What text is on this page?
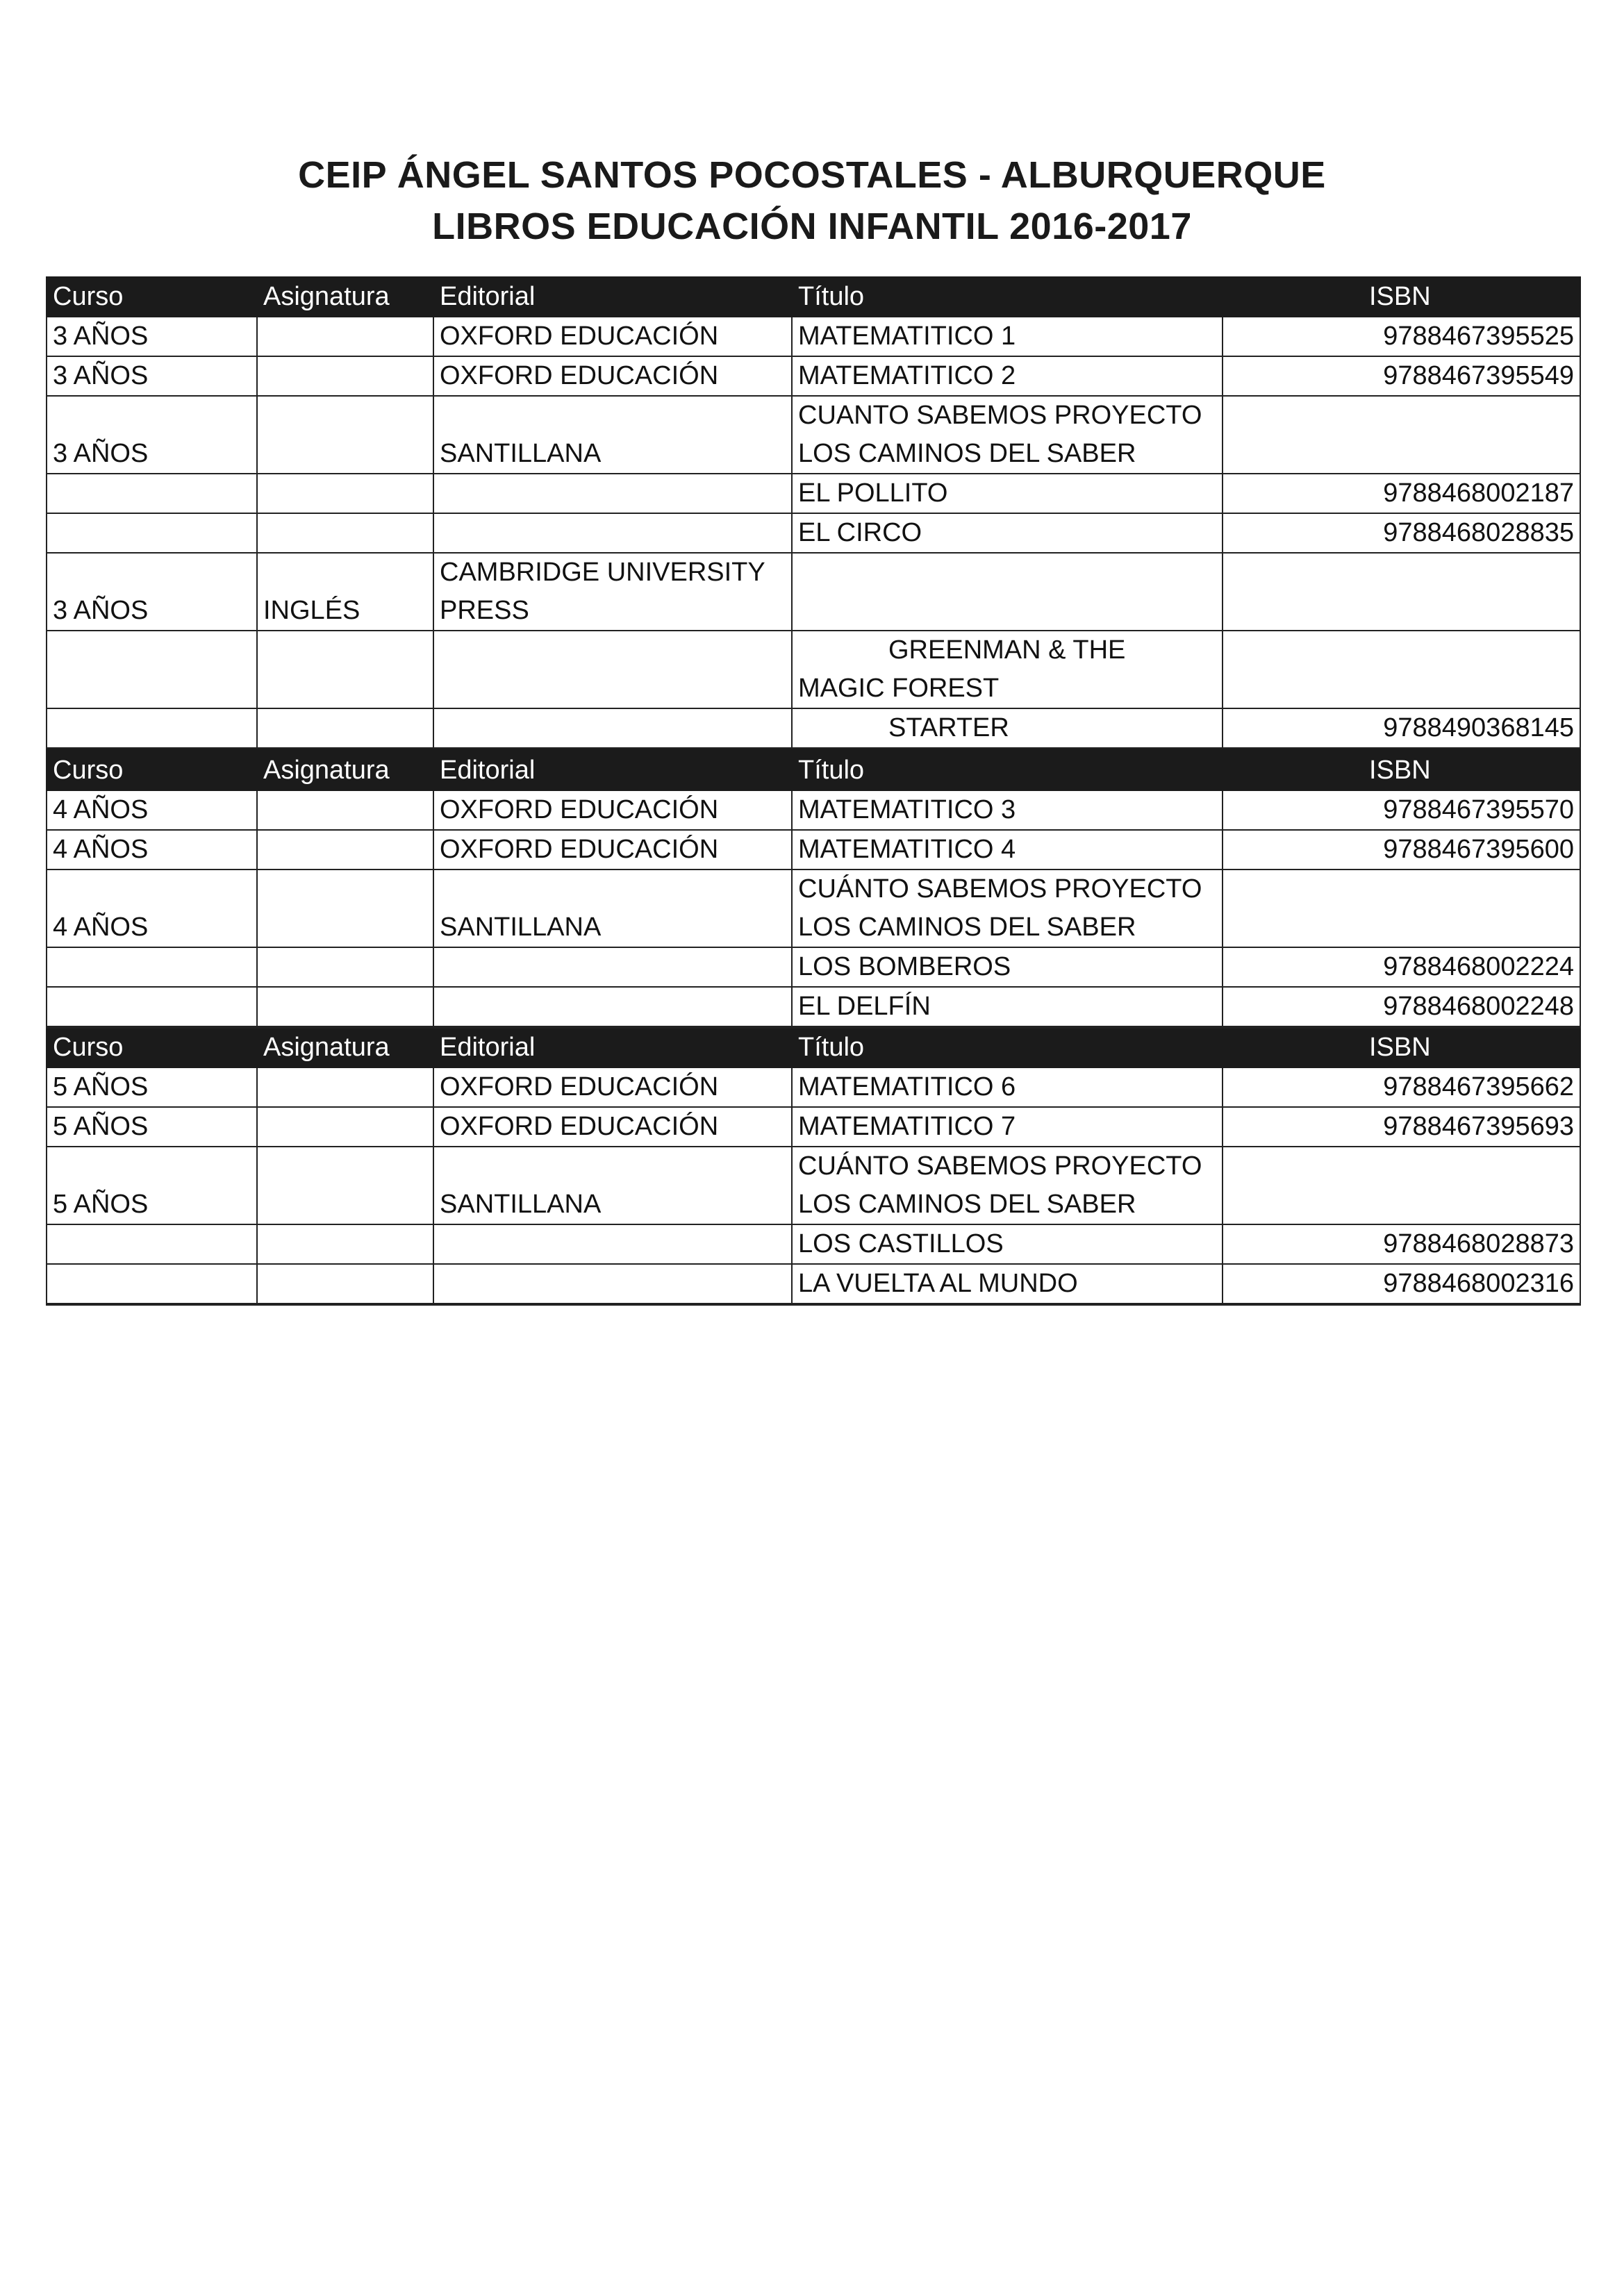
CEIP ÁNGEL SANTOS POCOSTALES - ALBURQUERQUE
LIBROS EDUCACIÓN INFANTIL 2016-2017
Curso	Asignatura	Editorial	Título	ISBN
3 AÑOS		OXFORD EDUCACIÓN	MATEMATITICO 1	9788467395525
3 AÑOS		OXFORD EDUCACIÓN	MATEMATITICO 2	9788467395549
3 AÑOS		SANTILLANA	CUANTO SABEMOS PROYECTO
LOS CAMINOS DEL SABER	

			EL POLLITO	9788468002187
			EL CIRCO	9788468028835
3 AÑOS	INGLÉS	CAMBRIDGE UNIVERSITY
PRESS		

			GREENMAN & THE
MAGIC FOREST	

			STARTER	9788490368145

Curso	Asignatura	Editorial	Título	ISBN
4 AÑOS		OXFORD EDUCACIÓN	MATEMATITICO 3	9788467395570
4 AÑOS		OXFORD EDUCACIÓN	MATEMATITICO 4	9788467395600
4 AÑOS		SANTILLANA	CUÁNTO SABEMOS PROYECTO
LOS CAMINOS DEL SABER	

			LOS BOMBEROS	9788468002224
			EL DELFÍN	9788468002248

Curso	Asignatura	Editorial	Título	ISBN
5 AÑOS		OXFORD EDUCACIÓN	MATEMATITICO 6	9788467395662
5 AÑOS		OXFORD EDUCACIÓN	MATEMATITICO 7	9788467395693
5 AÑOS		SANTILLANA	CUÁNTO SABEMOS PROYECTO
LOS CAMINOS DEL SABER	

			LOS CASTILLOS	9788468028873
			LA VUELTA AL MUNDO	9788468002316
